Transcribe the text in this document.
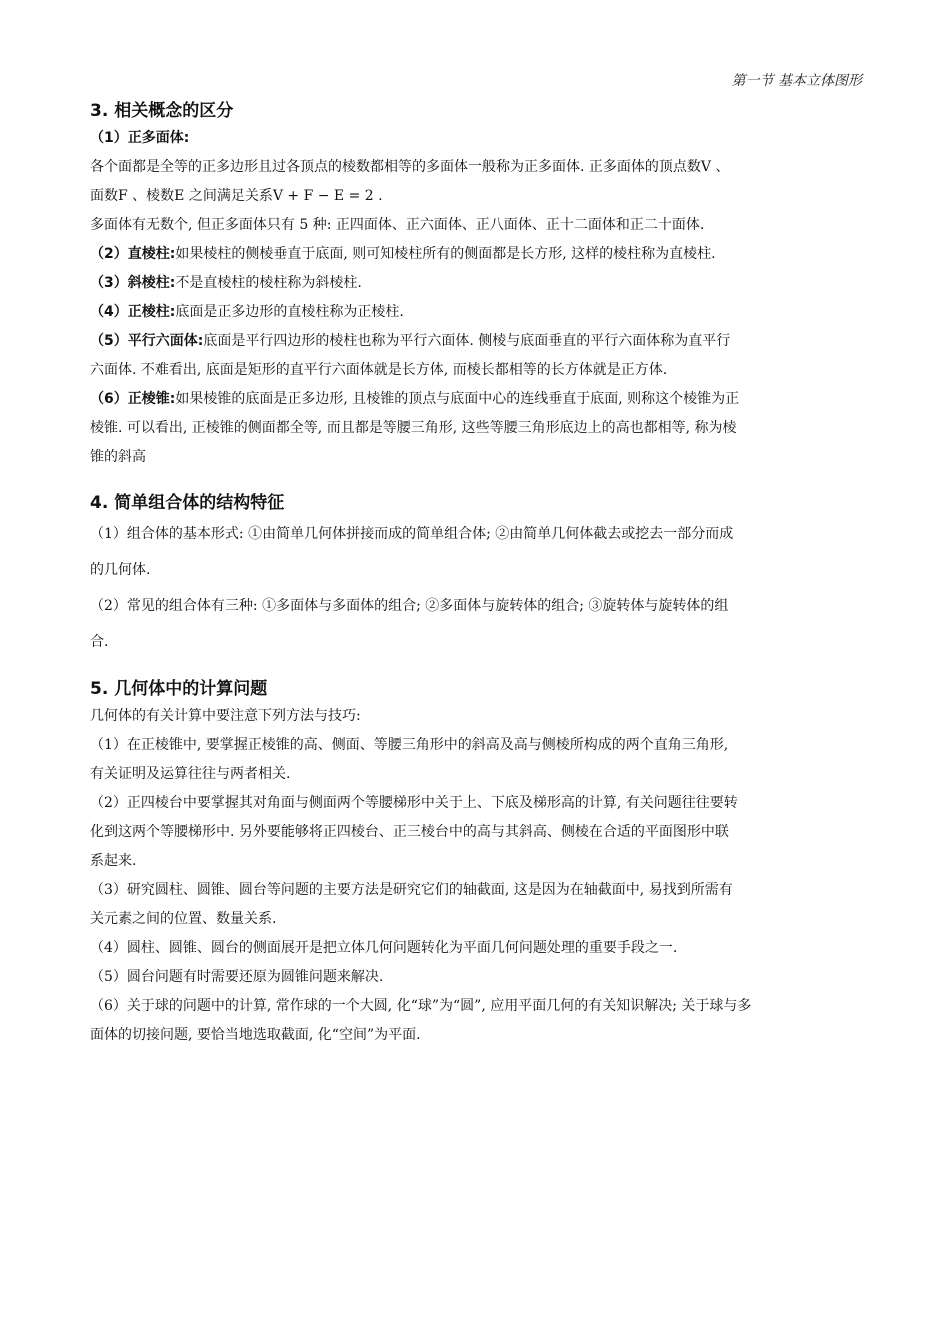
第一节 基本立体图形
3. 相关概念的区分

（1）正多面体:

各个面都是全等的正多边形且过各顶点的棱数都相等的多面体一般称为正多面体. 正多面体的顶点数V 、

面数F 、棱数E 之间满足关系V + F − E = 2 .

多面体有无数个, 但正多面体只有 5 种: 正四面体、正六面体、正八面体、正十二面体和正二十面体.

（2）直棱柱:如果棱柱的侧棱垂直于底面, 则可知棱柱所有的侧面都是长方形, 这样的棱柱称为直棱柱.

（3）斜棱柱:不是直棱柱的棱柱称为斜棱柱.

（4）正棱柱:底面是正多边形的直棱柱称为正棱柱.

（5）平行六面体:底面是平行四边形的棱柱也称为平行六面体. 侧棱与底面垂直的平行六面体称为直平行

六面体. 不难看出, 底面是矩形的直平行六面体就是长方体, 而棱长都相等的长方体就是正方体.

（6）正棱锥:如果棱锥的底面是正多边形, 且棱锥的顶点与底面中心的连线垂直于底面, 则称这个棱锥为正

棱锥. 可以看出, 正棱锥的侧面都全等, 而且都是等腰三角形, 这些等腰三角形底边上的高也都相等, 称为棱

锥的斜高

4. 简单组合体的结构特征

（1）组合体的基本形式: ①由简单几何体拼接而成的简单组合体; ②由简单几何体截去或挖去一部分而成

的几何体.

（2）常见的组合体有三种: ①多面体与多面体的组合; ②多面体与旋转体的组合; ③旋转体与旋转体的组

合.

5. 几何体中的计算问题

几何体的有关计算中要注意下列方法与技巧:

（1）在正棱锥中, 要掌握正棱锥的高、侧面、等腰三角形中的斜高及高与侧棱所构成的两个直角三角形,

有关证明及运算往往与两者相关.

（2）正四棱台中要掌握其对角面与侧面两个等腰梯形中关于上、下底及梯形高的计算, 有关问题往往要转

化到这两个等腰梯形中. 另外要能够将正四棱台、正三棱台中的高与其斜高、侧棱在合适的平面图形中联

系起来.

（3）研究圆柱、圆锥、圆台等问题的主要方法是研究它们的轴截面, 这是因为在轴截面中, 易找到所需有

关元素之间的位置、数量关系.

（4）圆柱、圆锥、圆台的侧面展开是把立体几何问题转化为平面几何问题处理的重要手段之一.

（5）圆台问题有时需要还原为圆锥问题来解决.

（6）关于球的问题中的计算, 常作球的一个大圆, 化“球”为“圆”, 应用平面几何的有关知识解决; 关于球与多

面体的切接问题, 要恰当地选取截面, 化“空间”为平面.
